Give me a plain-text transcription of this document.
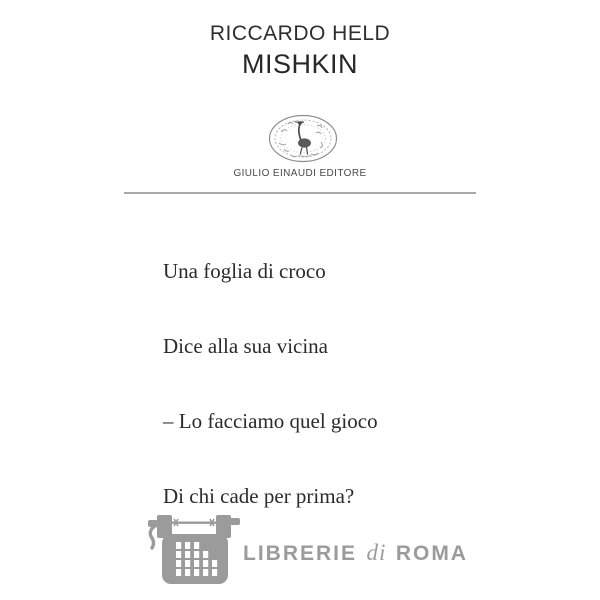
RICCARDO HELD
MISHKIN
GIULIO EINAUDI EDITORE

Una foglia di croco

Dice alla sua vicina

– Lo facciamo quel gioco

Di chi cade per prima?

LIBRERIE di ROMA
